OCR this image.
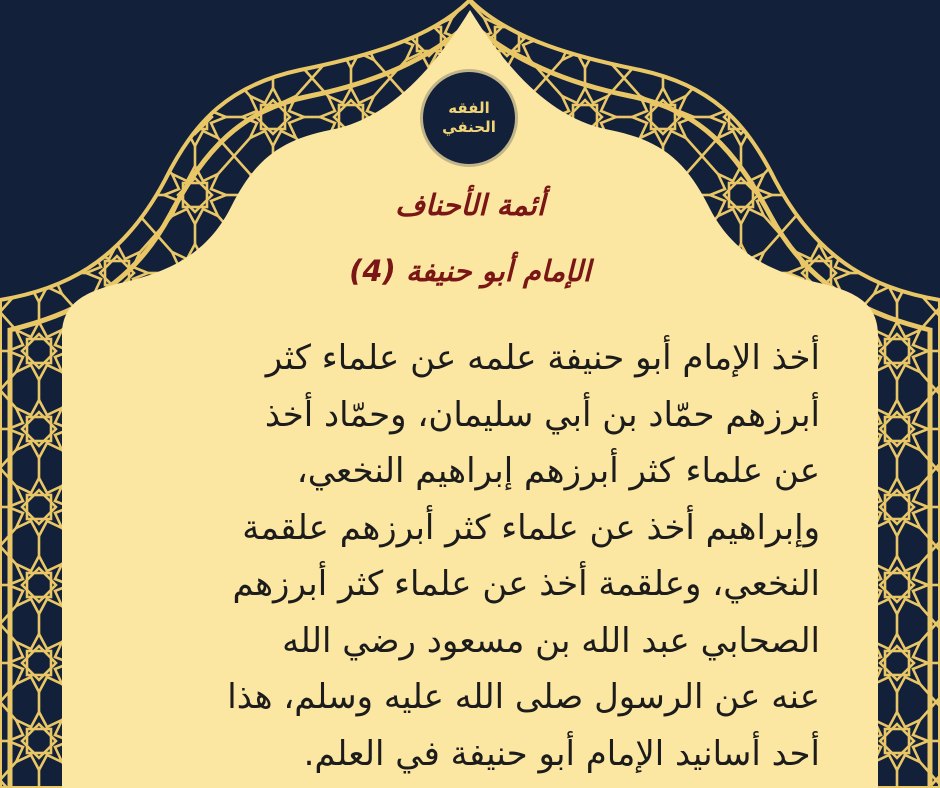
الفقه
الحنفي
أئمة الأحناف
الإمام أبو حنيفة (4)
أخذ الإمام أبو حنيفة علمه عن علماء كثر
أبرزهم حمّاد بن أبي سليمان، وحمّاد أخذ
عن علماء كثر أبرزهم إبراهيم النخعي،
وإبراهيم أخذ عن علماء كثر أبرزهم علقمة
النخعي، وعلقمة أخذ عن علماء كثر أبرزهم
الصحابي عبد الله بن مسعود رضي الله
عنه عن الرسول صلى الله عليه وسلم، هذا
أحد أسانيد الإمام أبو حنيفة في العلم.
